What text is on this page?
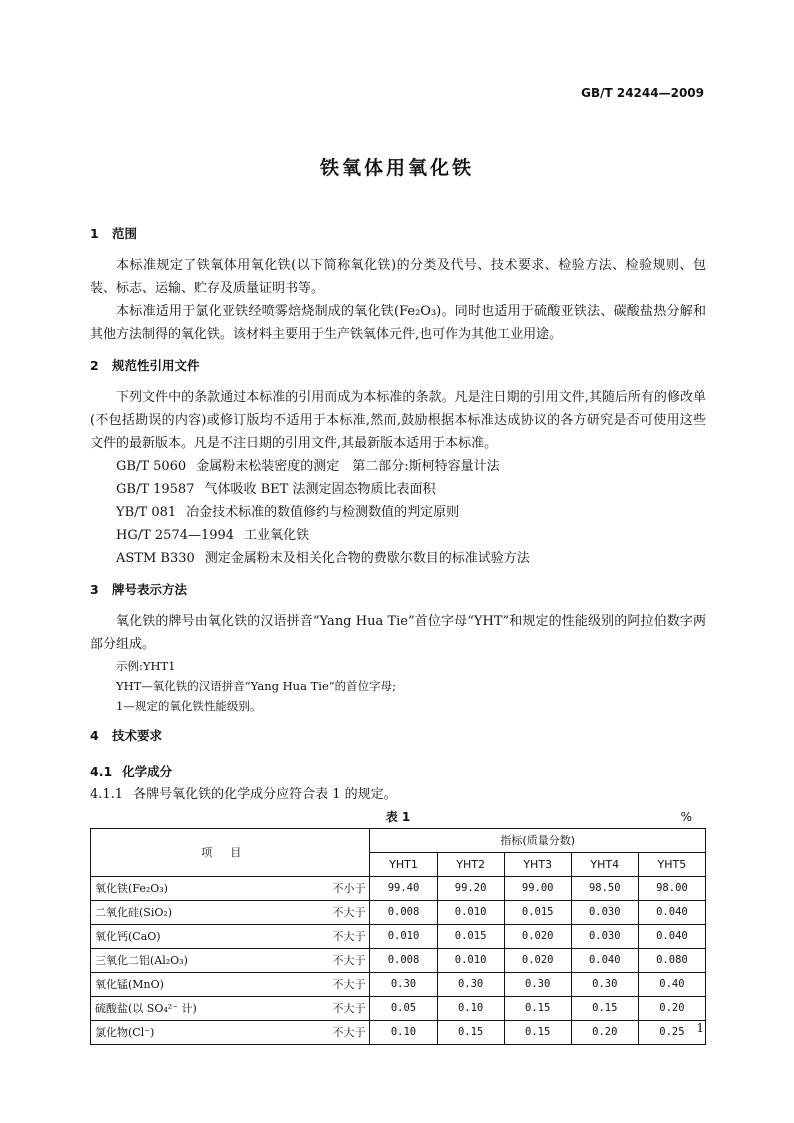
GB/T 24244—2009
铁氧体用氧化铁
1 范围

本标准规定了铁氧体用氧化铁(以下简称氧化铁)的分类及代号、技术要求、检验方法、检验规则、包装、标志、运输、贮存及质量证明书等。

本标准适用于氯化亚铁经喷雾焙烧制成的氧化铁(Fe₂O₃)。同时也适用于硫酸亚铁法、碳酸盐热分解和其他方法制得的氧化铁。该材料主要用于生产铁氧体元件,也可作为其他工业用途。

2 规范性引用文件

下列文件中的条款通过本标准的引用而成为本标准的条款。凡是注日期的引用文件,其随后所有的修改单(不包括勘误的内容)或修订版均不适用于本标准,然而,鼓励根据本标准达成协议的各方研究是否可使用这些文件的最新版本。凡是不注日期的引用文件,其最新版本适用于本标准。

GB/T 5060 金属粉末松装密度的测定　第二部分:斯柯特容量计法

GB/T 19587 气体吸收 BET 法测定固态物质比表面积

YB/T 081 冶金技术标准的数值修约与检测数值的判定原则

HG/T 2574—1994 工业氧化铁

ASTM B330 测定金属粉末及相关化合物的费歇尔数目的标准试验方法

3 牌号表示方法

氧化铁的牌号由氧化铁的汉语拼音“Yang Hua Tie”首位字母“YHT”和规定的性能级别的阿拉伯数字两部分组成。

示例:YHT1

YHT—氧化铁的汉语拼音“Yang Hua Tie”的首位字母;

1—规定的氧化铁性能级别。

4 技术要求

4.1 化学成分

4.1.1 各牌号氧化铁的化学成分应符合表 1 的规定。

表 1	%
项目		指标(质量分数)				
		YHT1	YHT2	YHT3	YHT4	YHT5
氧化铁(Fe₂O₃)	不小于	99.40	99.20	99.00	98.50	98.00
二氧化硅(SiO₂)	不大于	0.008	0.010	0.015	0.030	0.040
氧化钙(CaO)	不大于	0.010	0.015	0.020	0.030	0.040
三氧化二铝(Al₂O₃)	不大于	0.008	0.010	0.020	0.040	0.080
氧化锰(MnO)	不大于	0.30	0.30	0.30	0.30	0.40
硫酸盐(以 SO₄²⁻ 计)	不大于	0.05	0.10	0.15	0.15	0.20
氯化物(Cl⁻)	不大于	0.10	0.15	0.15	0.20	0.25 1
